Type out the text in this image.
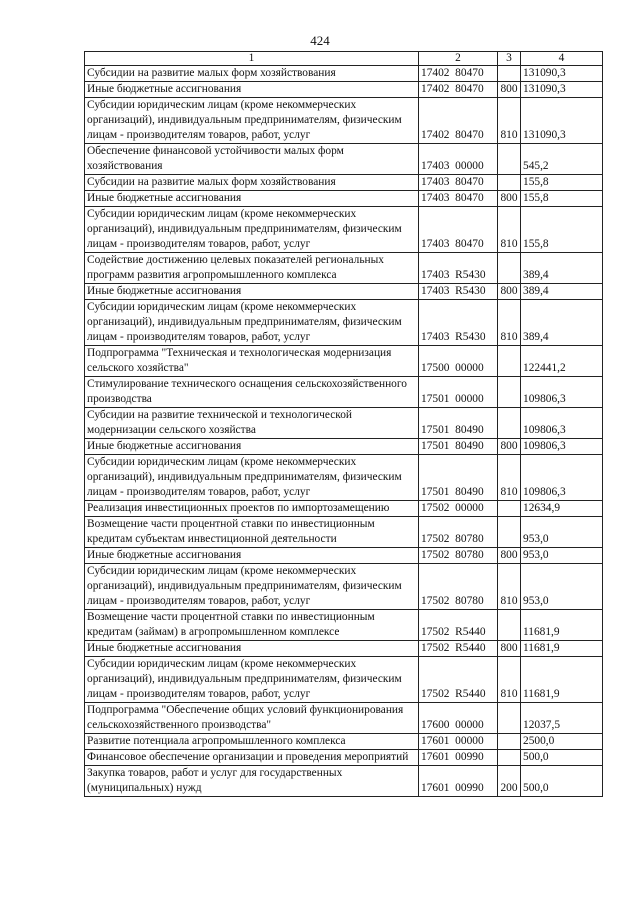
424
1	2	3	4
Субсидии на развитие малых форм хозяйствования	17402  80470		131090,3
Иные бюджетные ассигнования	17402  80470	800	131090,3
Субсидии юридическим лицам (кроме некоммерческих организаций), индивидуальным предпринимателям, физическим лицам - производителям товаров, работ, услуг	17402  80470	810	131090,3
Обеспечение финансовой устойчивости малых форм хозяйствования	17403  00000		545,2
Субсидии на развитие малых форм хозяйствования	17403  80470		155,8
Иные бюджетные ассигнования	17403  80470	800	155,8
Субсидии юридическим лицам (кроме некоммерческих организаций), индивидуальным предпринимателям, физическим лицам - производителям товаров, работ, услуг	17403  80470	810	155,8
Содействие достижению целевых показателей региональных программ развития агропромышленного комплекса	17403  R5430		389,4
Иные бюджетные ассигнования	17403  R5430	800	389,4
Субсидии юридическим лицам (кроме некоммерческих организаций), индивидуальным предпринимателям, физическим лицам - производителям товаров, работ, услуг	17403  R5430	810	389,4
Подпрограмма "Техническая и технологическая модернизация сельского хозяйства"	17500  00000		122441,2
Стимулирование технического оснащения сельскохозяйственного производства	17501  00000		109806,3
Субсидии на развитие технической и технологической модернизации сельского хозяйства	17501  80490		109806,3
Иные бюджетные ассигнования	17501  80490	800	109806,3
Субсидии юридическим лицам (кроме некоммерческих организаций), индивидуальным предпринимателям, физическим лицам - производителям товаров, работ, услуг	17501  80490	810	109806,3
Реализация инвестиционных проектов по импортозамещению	17502  00000		12634,9
Возмещение части процентной ставки по инвестиционным кредитам субъектам инвестиционной деятельности	17502  80780		953,0
Иные бюджетные ассигнования	17502  80780	800	953,0
Субсидии юридическим лицам (кроме некоммерческих организаций), индивидуальным предпринимателям, физическим лицам - производителям товаров, работ, услуг	17502  80780	810	953,0
Возмещение части процентной ставки по инвестиционным кредитам (займам) в агропромышленном комплексе	17502  R5440		11681,9
Иные бюджетные ассигнования	17502  R5440	800	11681,9
Субсидии юридическим лицам (кроме некоммерческих организаций), индивидуальным предпринимателям, физическим лицам - производителям товаров, работ, услуг	17502  R5440	810	11681,9
Подпрограмма "Обеспечение общих условий функционирования сельскохозяйственного производства"	17600  00000		12037,5
Развитие потенциала агропромышленного комплекса	17601  00000		2500,0
Финансовое обеспечение организации и проведения мероприятий	17601  00990		500,0
Закупка товаров, работ и услуг для государственных (муниципальных) нужд	17601  00990	200	500,0
